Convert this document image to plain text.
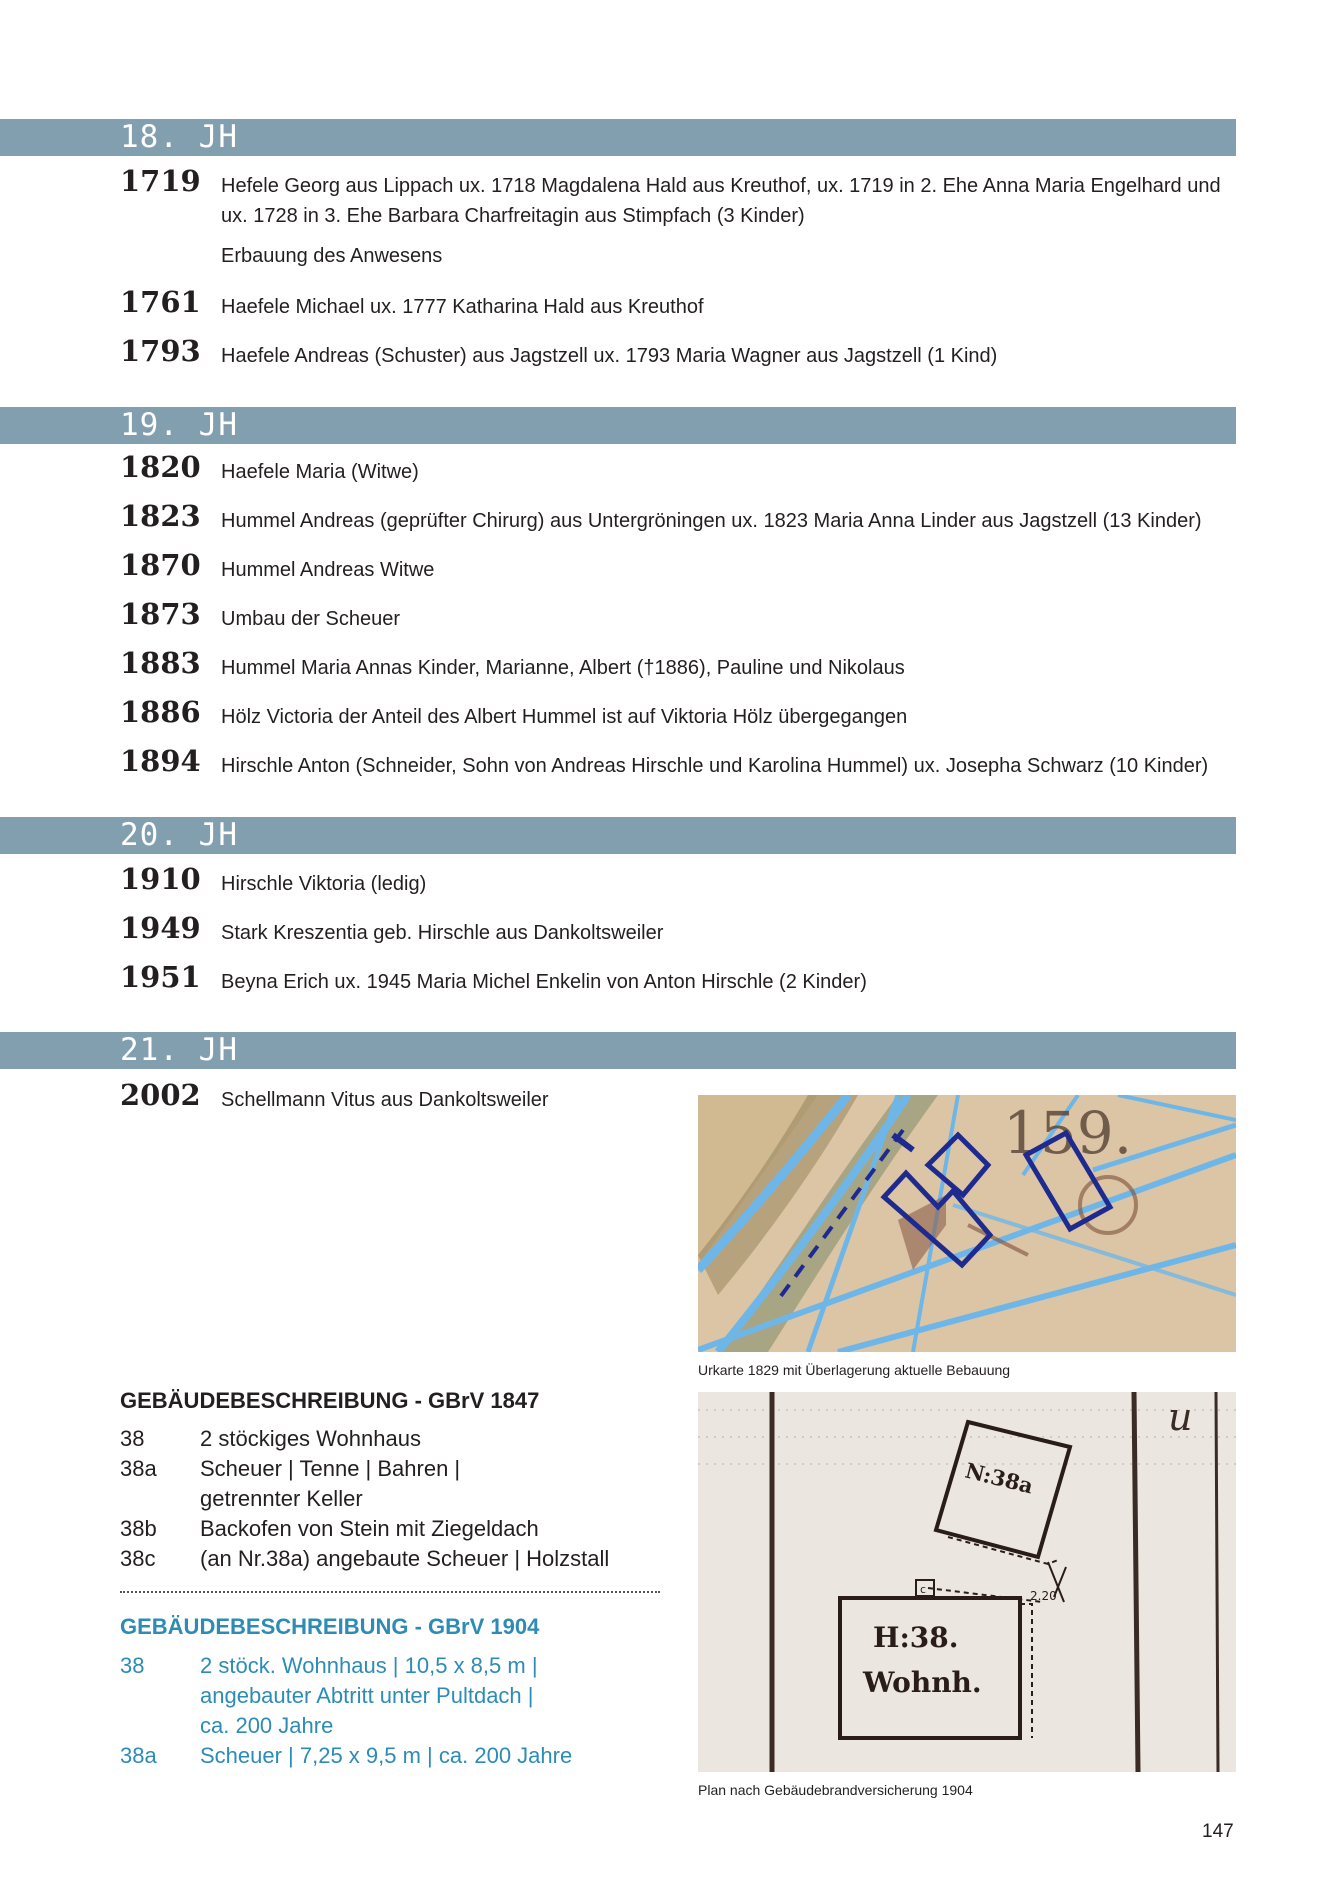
18. JH
1719 Hefele Georg aus Lippach ux. 1718 Magdalena Hald aus Kreuthof, ux. 1719 in 2. Ehe Anna Maria Engelhard und ux. 1728 in 3. Ehe Barbara Charfreitagin aus Stimpfach (3 Kinder)
Erbauung des Anwesens
1761 Haefele Michael ux. 1777 Katharina Hald aus Kreuthof
1793 Haefele Andreas (Schuster) aus Jagstzell ux. 1793 Maria Wagner aus Jagstzell (1 Kind)
19. JH
1820 Haefele Maria (Witwe)
1823 Hummel Andreas (geprüfter Chirurg) aus Untergröningen ux. 1823 Maria Anna Linder aus Jagstzell (13 Kinder)
1870 Hummel Andreas Witwe
1873 Umbau der Scheuer
1883 Hummel Maria Annas Kinder, Marianne, Albert (†1886), Pauline und Nikolaus
1886 Hölz Victoria der Anteil des Albert Hummel ist auf Viktoria Hölz übergegangen
1894 Hirschle Anton (Schneider, Sohn von Andreas Hirschle und Karolina Hummel) ux. Josepha Schwarz (10 Kinder)
20. JH
1910 Hirschle Viktoria (ledig)
1949 Stark Kreszentia geb. Hirschle aus Dankoltsweiler
1951 Beyna Erich ux. 1945 Maria Michel Enkelin von Anton Hirschle (2 Kinder)
21. JH
2002 Schellmann Vitus aus Dankoltsweiler	159.
Urkarte 1829 mit Überlagerung aktuelle Bebauung
u
N:38a
2.20
c
H:38.
Wohnh.
Plan nach Gebäudebrandversicherung 1904
GEBÄUDEBESCHREIBUNG - GBrV 1847
38	2 stöckiges Wohnhaus
38a Scheuer | Tenne | Bahren |
getrennter Keller
38b Backofen von Stein mit Ziegeldach
38c (an Nr.38a) angebaute Scheuer | Holzstall
GEBÄUDEBESCHREIBUNG - GBrV 1904
38	2 stöck. Wohnhaus | 10,5 x 8,5 m |
angebauter Abtritt unter Pultdach |
ca. 200 Jahre
38a Scheuer | 7,25 x 9,5 m | ca. 200 Jahre
147
